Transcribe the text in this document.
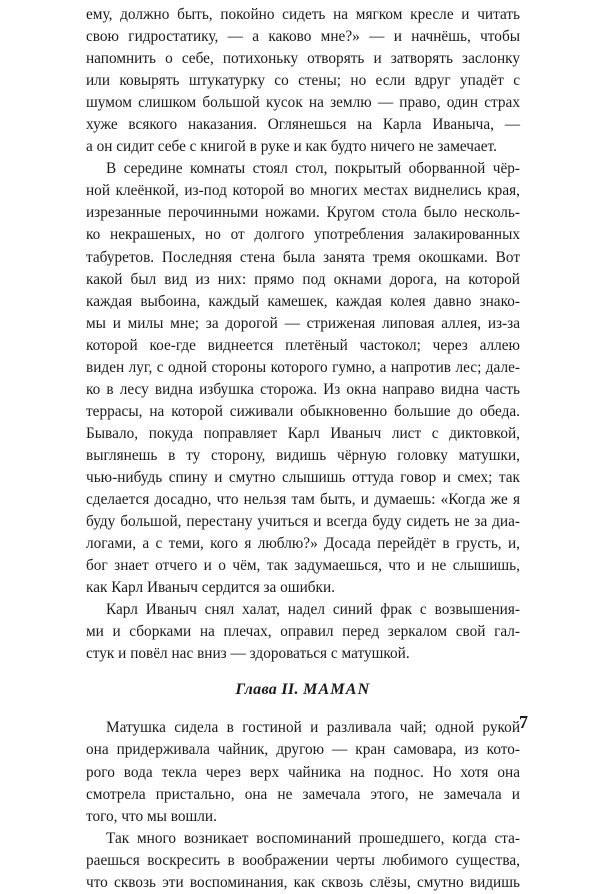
ему, должно быть, покойно сидеть на мягком кресле и читать
свою гидростатику, — а каково мне?» — и начнёшь, чтобы
напомнить о себе, потихоньку отворять и затворять заслонку
или ковырять штукатурку со стены; но если вдруг упадёт с
шумом слишком большой кусок на землю — право, один страх
хуже всякого наказания. Оглянешься на Карла Иваныча, —
а он сидит себе с книгой в руке и как будто ничего не замечает.
В середине комнаты стоял стол, покрытый оборванной чёр-
ной клеёнкой, из-под которой во многих местах виднелись края,
изрезанные перочинными ножами. Кругом стола было несколь-
ко некрашеных, но от долгого употребления залакированных
табуретов. Последняя стена была занята тремя окошками. Вот
какой был вид из них: прямо под окнами дорога, на которой
каждая выбоина, каждый камешек, каждая колея давно знако-
мы и милы мне; за дорогой — стриженая липовая аллея, из-за
которой кое-где виднеется плетёный частокол; через аллею
виден луг, с одной стороны которого гумно, а напротив лес; дале-
ко в лесу видна избушка сторожа. Из окна направо видна часть
террасы, на которой сиживали обыкновенно большие до обеда.
Бывало, покуда поправляет Карл Иваныч лист с диктовкой,
выглянешь в ту сторону, видишь чёрную головку матушки,
чью-нибудь спину и смутно слышишь оттуда говор и смех; так
сделается досадно, что нельзя там быть, и думаешь: «Когда же я
буду большой, перестану учиться и всегда буду сидеть не за диа-
логами, а с теми, кого я люблю?» Досада перейдёт в грусть, и,
бог знает отчего и о чём, так задумаешься, что и не слышишь,
как Карл Иваныч сердится за ошибки.
Карл Иваныч снял халат, надел синий фрак с возвышения-
ми и сборками на плечах, оправил перед зеркалом свой гал-
стук и повёл нас вниз — здороваться с матушкой.
Глава II. MAMAN
Матушка сидела в гостиной и разливала чай; одной рукой
она придерживала чайник, другою — кран самовара, из кото-
рого вода текла через верх чайника на поднос. Но хотя она
смотрела пристально, она не замечала этого, не замечала и
того, что мы вошли.
Так много возникает воспоминаний прошедшего, когда ста-
раешься воскресить в воображении черты любимого существа,
что сквозь эти воспоминания, как сквозь слёзы, смутно видишь
7
